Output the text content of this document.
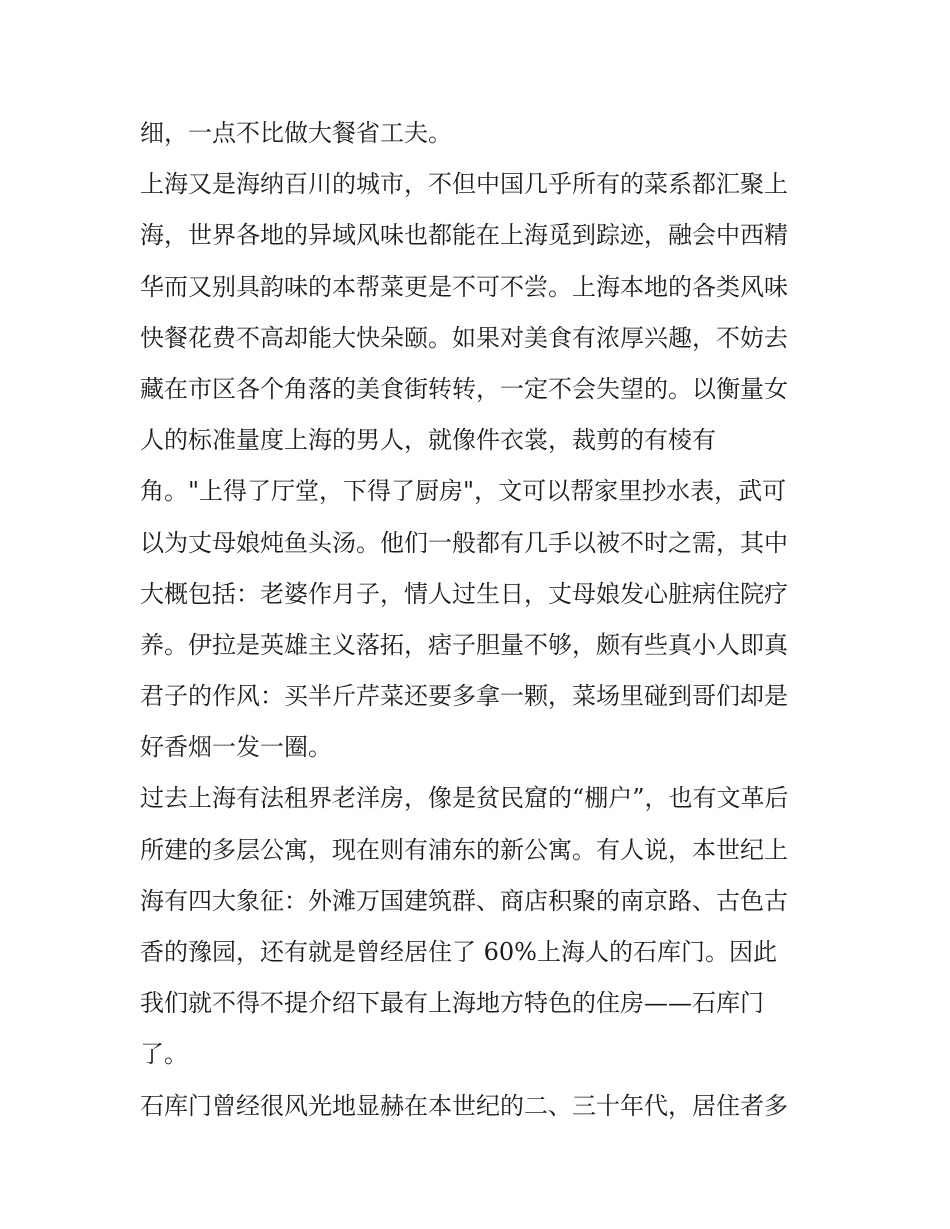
细，一点不比做大餐省工夫。
上海又是海纳百川的城市，不但中国几乎所有的菜系都汇聚上
海，世界各地的异域风味也都能在上海觅到踪迹，融会中西精
华而又别具韵味的本帮菜更是不可不尝。上海本地的各类风味
快餐花费不高却能大快朵颐。如果对美食有浓厚兴趣，不妨去
藏在市区各个角落的美食街转转，一定不会失望的。以衡量女
人的标准量度上海的男人，就像件衣裳，裁剪的有棱有
角。"上得了厅堂，下得了厨房"，文可以帮家里抄水表，武可
以为丈母娘炖鱼头汤。他们一般都有几手以被不时之需，其中
大概包括：老婆作月子，情人过生日，丈母娘发心脏病住院疗
养。伊拉是英雄主义落拓，痞子胆量不够，颇有些真小人即真
君子的作风：买半斤芹菜还要多拿一颗，菜场里碰到哥们却是
好香烟一发一圈。
过去上海有法租界老洋房，像是贫民窟的“棚户”，也有文革后
所建的多层公寓，现在则有浦东的新公寓。有人说，本世纪上
海有四大象征：外滩万国建筑群、商店积聚的南京路、古色古
香的豫园，还有就是曾经居住了 60%上海人的石库门。因此
我们就不得不提介绍下最有上海地方特色的住房——石库门
了。
石库门曾经很风光地显赫在本世纪的二、三十年代，居住者多
